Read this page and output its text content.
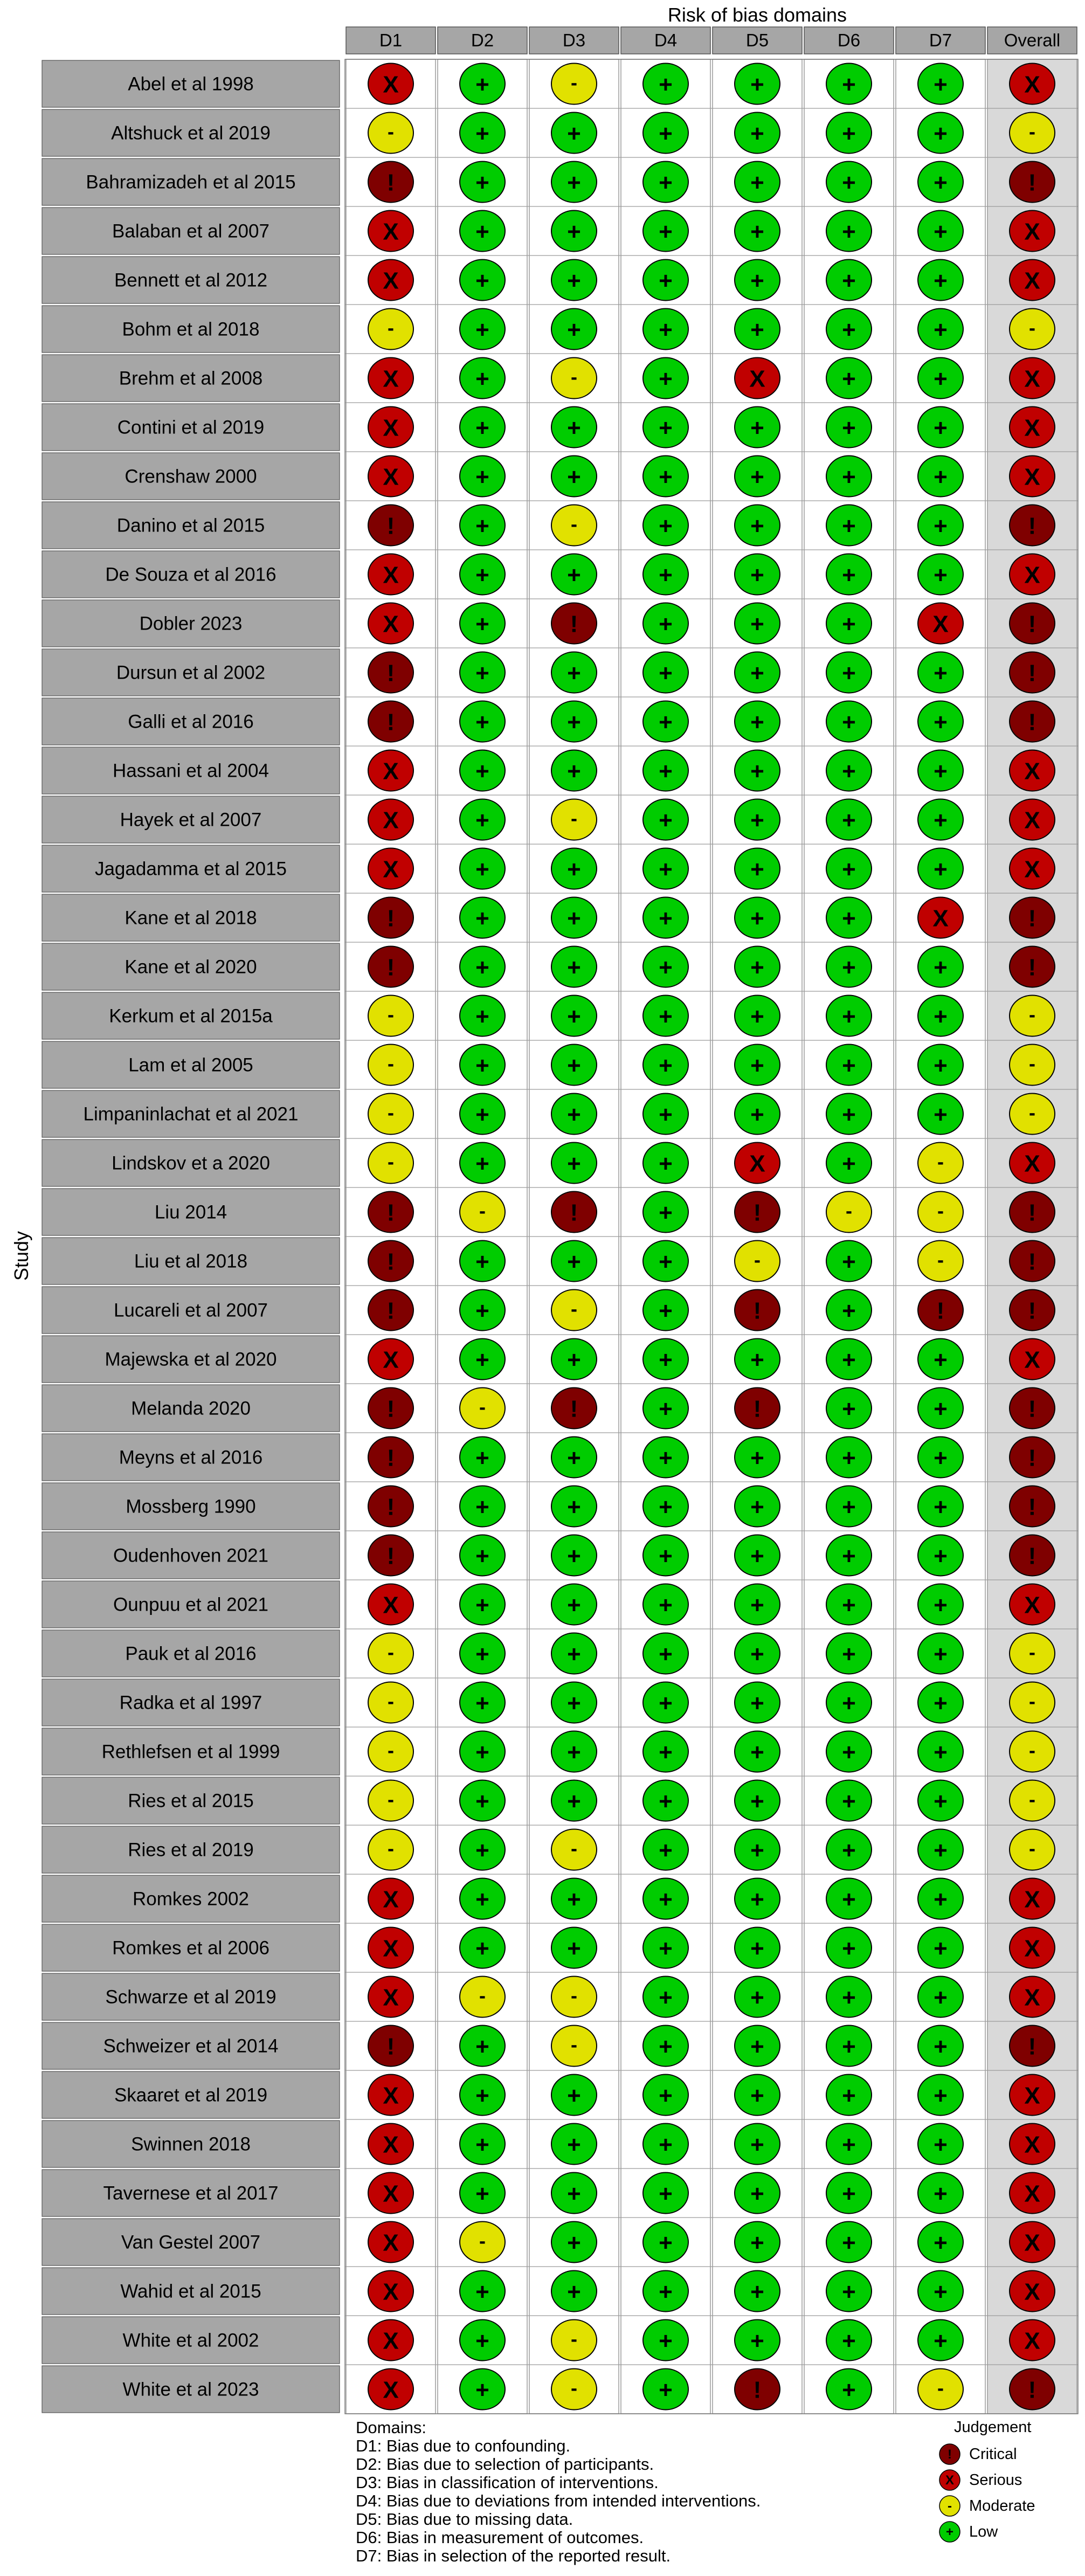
Risk of bias domains
Study
D1	D2	D3	D4	D5	D6	D7	Overall
Abel et al 1998	X	+	-	+	+	+	+	X
Altshuck et al 2019	-	+	+	+	+	+	+	-
Bahramizadeh et al 2015	!	+	+	+	+	+	+	!
Balaban et al 2007	X	+	+	+	+	+	+	X
Bennett et al 2012	X	+	+	+	+	+	+	X
Bohm et al 2018	-	+	+	+	+	+	+	-
Brehm et al 2008	X	+	-	+	X	+	+	X
Contini et al 2019	X	+	+	+	+	+	+	X
Crenshaw 2000	X	+	+	+	+	+	+	X
Danino et al 2015	!	+	-	+	+	+	+	!
De Souza et al 2016	X	+	+	+	+	+	+	X
Dobler 2023	X	+	!	+	+	+	X	!
Dursun et al 2002	!	+	+	+	+	+	+	!
Galli et al 2016	!	+	+	+	+	+	+	!
Hassani et al 2004	X	+	+	+	+	+	+	X
Hayek et al 2007	X	+	-	+	+	+	+	X
Jagadamma et al 2015	X	+	+	+	+	+	+	X
Kane et al 2018	!	+	+	+	+	+	X	!
Kane et al 2020	!	+	+	+	+	+	+	!
Kerkum et al 2015a	-	+	+	+	+	+	+	-
Lam et al 2005	-	+	+	+	+	+	+	-
Limpaninlachat et al 2021	-	+	+	+	+	+	+	-
Lindskov et a 2020	-	+	+	+	X	+	-	X
Liu 2014	!	-	!	+	!	-	-	!
Liu et al 2018	!	+	+	+	-	+	-	!
Lucareli et al 2007	!	+	-	+	!	+	!	!
Majewska et al 2020	X	+	+	+	+	+	+	X
Melanda 2020	!	-	!	+	!	+	+	!
Meyns et al 2016	!	+	+	+	+	+	+	!
Mossberg 1990	!	+	+	+	+	+	+	!
Oudenhoven 2021	!	+	+	+	+	+	+	!
Ounpuu et al 2021	X	+	+	+	+	+	+	X
Pauk et al 2016	-	+	+	+	+	+	+	-
Radka et al 1997	-	+	+	+	+	+	+	-
Rethlefsen et al 1999	-	+	+	+	+	+	+	-
Ries et al 2015	-	+	+	+	+	+	+	-
Ries et al 2019	-	+	-	+	+	+	+	-
Romkes 2002	X	+	+	+	+	+	+	X
Romkes et al 2006	X	+	+	+	+	+	+	X
Schwarze et al 2019	X	-	-	+	+	+	+	X
Schweizer et al 2014	!	+	-	+	+	+	+	!
Skaaret et al 2019	X	+	+	+	+	+	+	X
Swinnen 2018	X	+	+	+	+	+	+	X
Tavernese et al 2017	X	+	+	+	+	+	+	X
Van Gestel 2007	X	-	+	+	+	+	+	X
Wahid et al 2015	X	+	+	+	+	+	+	X
White et al 2002	X	+	-	+	+	+	+	X
White et al 2023	X	+	-	+	!	+	-	!
Domains:
D1: Bias due to confounding.
D2: Bias due to selection of participants.
D3: Bias in classification of interventions.
D4: Bias due to deviations from intended interventions.
D5: Bias due to missing data.
D6: Bias in measurement of outcomes.
D7: Bias in selection of the reported result.
Judgement
! Critical
X Serious
- Moderate
+ Low
